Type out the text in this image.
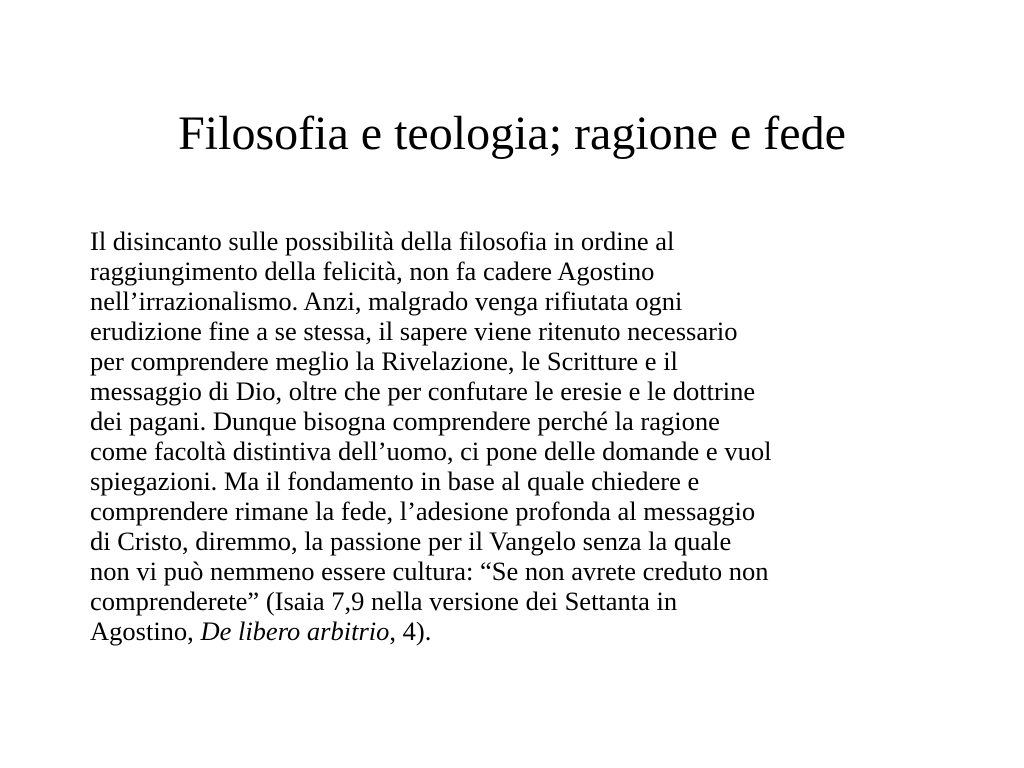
Filosofia e teologia; ragione e fede

Il disincanto sulle possibilità della filosofia in ordine al
raggiungimento della felicità, non fa cadere Agostino
nell’irrazionalismo. Anzi, malgrado venga rifiutata ogni
erudizione fine a se stessa, il sapere viene ritenuto necessario
per comprendere meglio la Rivelazione, le Scritture e il
messaggio di Dio, oltre che per confutare le eresie e le dottrine
dei pagani. Dunque bisogna comprendere perché la ragione
come facoltà distintiva dell’uomo, ci pone delle domande e vuol
spiegazioni. Ma il fondamento in base al quale chiedere e
comprendere rimane la fede, l’adesione profonda al messaggio
di Cristo, diremmo, la passione per il Vangelo senza la quale
non vi può nemmeno essere cultura: “Se non avrete creduto non
comprenderete” (Isaia 7,9 nella versione dei Settanta in
Agostino, De libero arbitrio, 4).
